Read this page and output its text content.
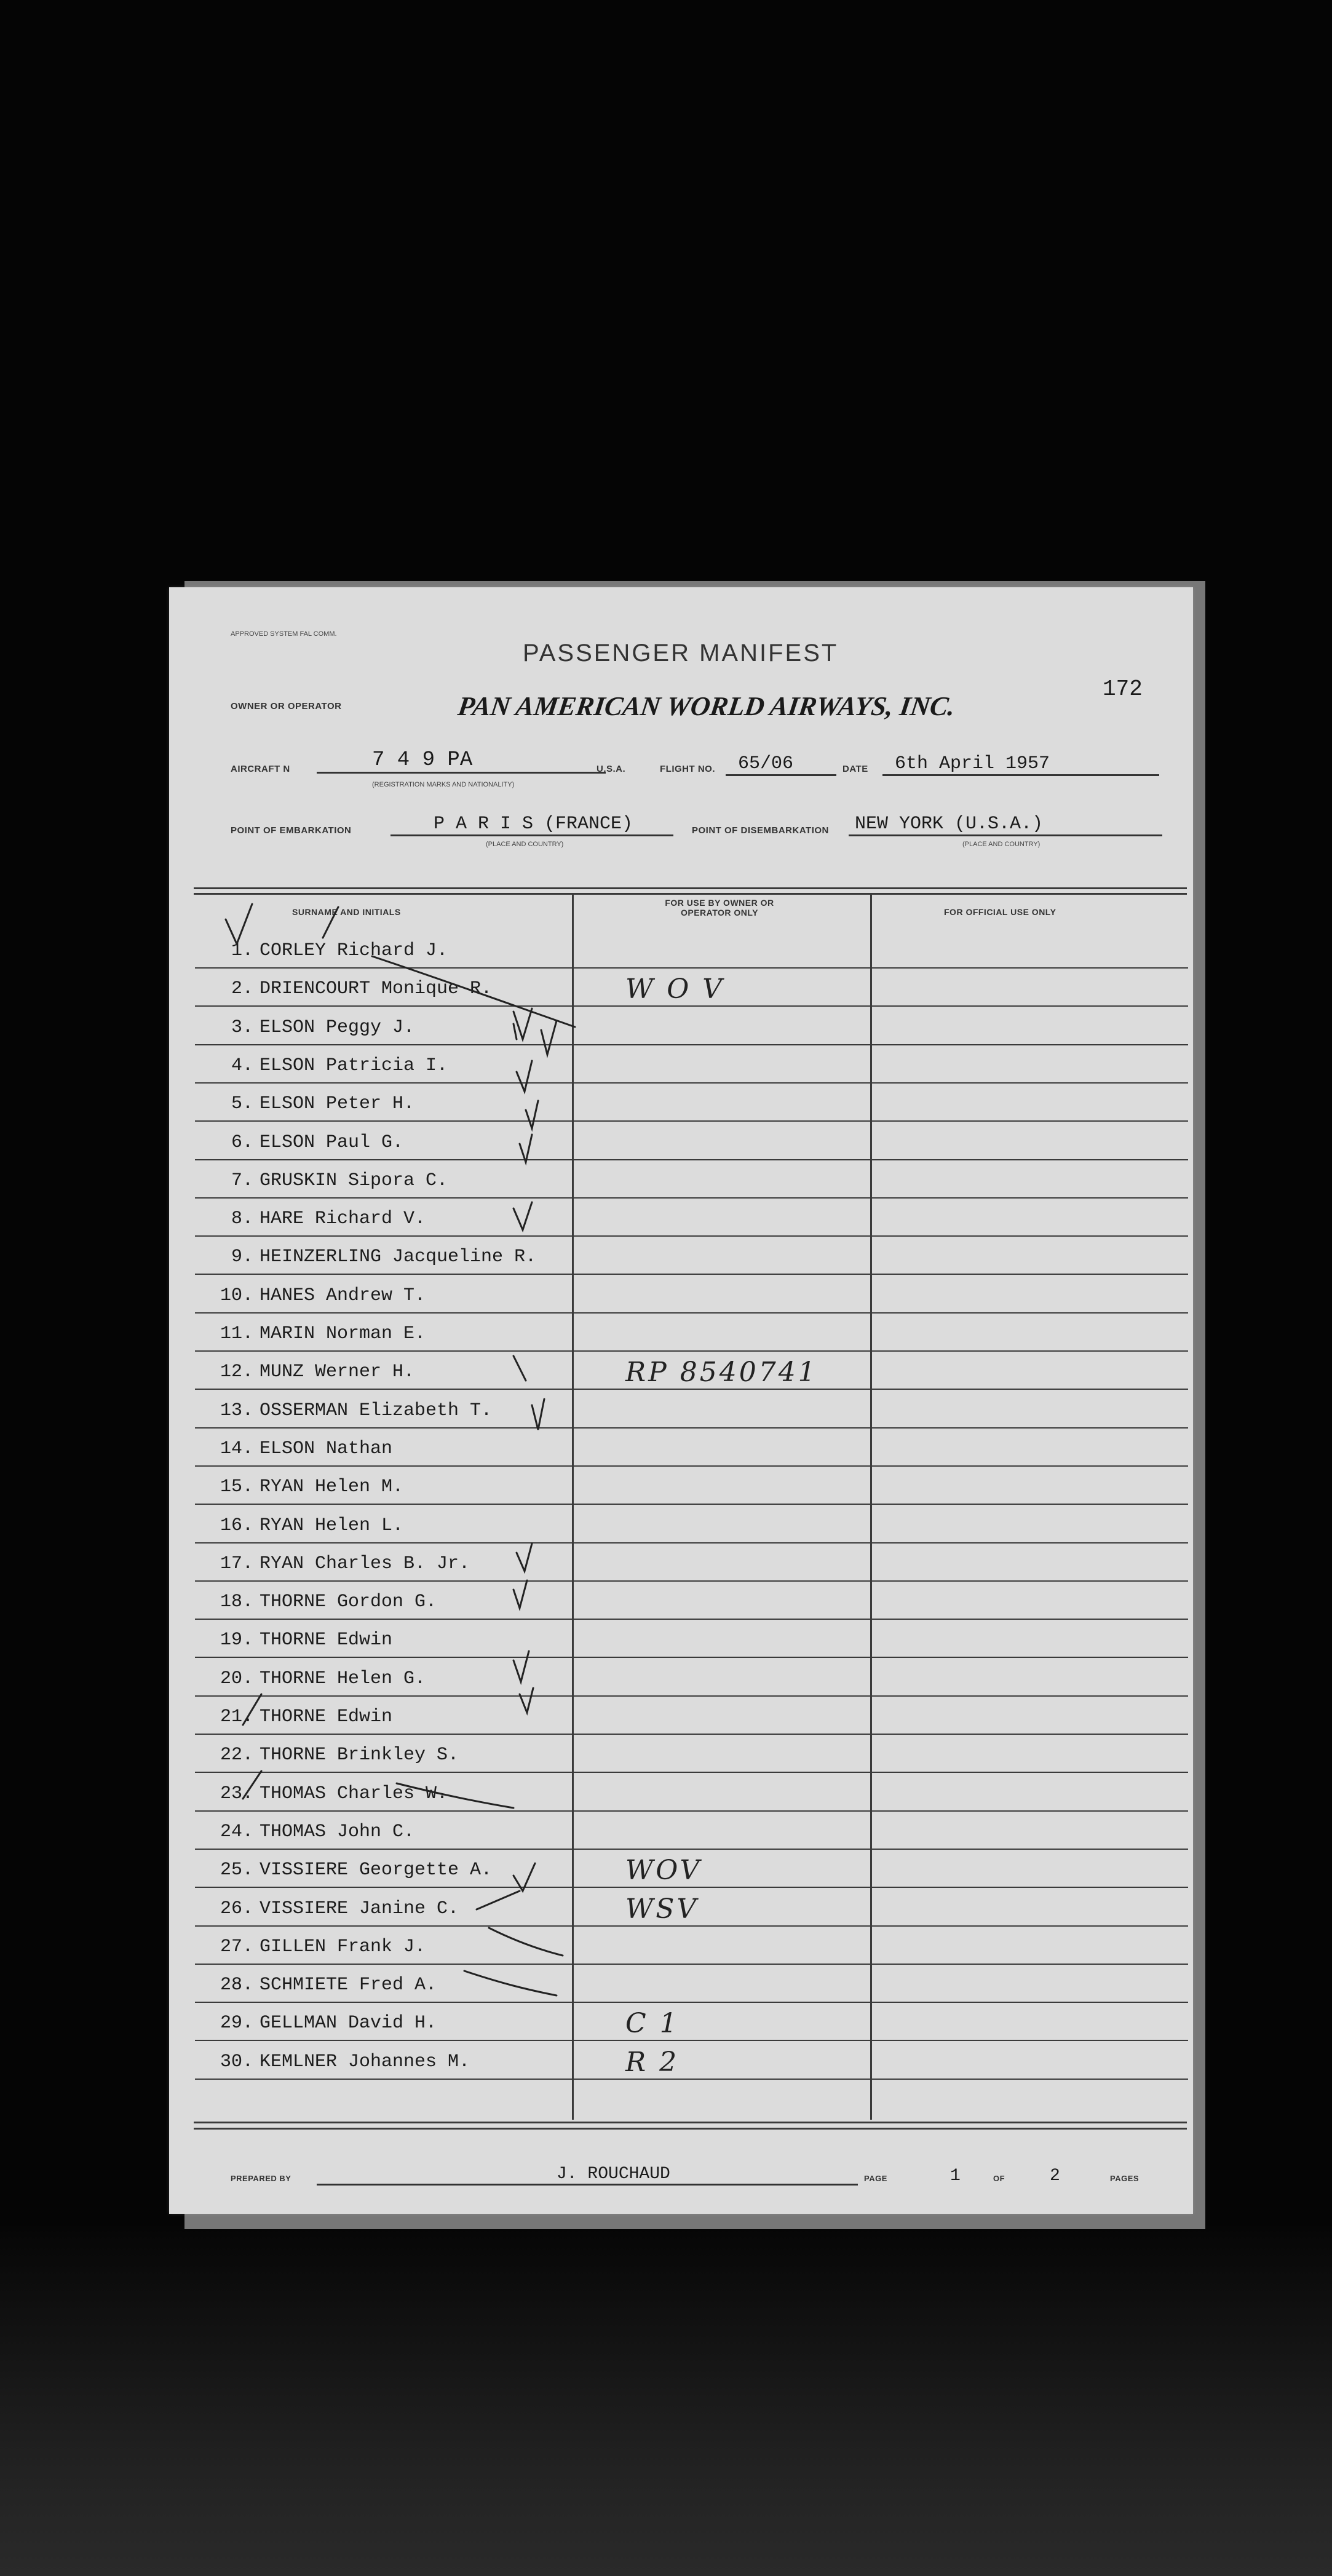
APPROVED SYSTEM FAL COMM.
PASSENGER MANIFEST
172
OWNER OR OPERATOR	PAN AMERICAN WORLD AIRWAYS, INC.
AIRCRAFT N	7 4 9 PA
(REGISTRATION MARKS AND NATIONALITY)
U.S.A.	FLIGHT NO.	65/06	DATE	6th April 1957
POINT OF EMBARKATION	P A R I S (FRANCE)
(PLACE AND COUNTRY)
POINT OF DISEMBARKATION	NEW YORK (U.S.A.)
(PLACE AND COUNTRY)
SURNAME AND INITIALS
FOR USE BY OWNER OR OPERATOR ONLY	FOR OFFICIAL USE ONLY
1. CORLEY Richard J.
2. DRIENCOURT Monique R.	W O V
3. ELSON Peggy J.
4. ELSON Patricia I.
5. ELSON Peter H.
6. ELSON Paul G.
7. GRUSKIN Sipora C.
8. HARE Richard V.
9. HEINZERLING Jacqueline R.
10. HANES Andrew T.
11. MARIN Norman E.
12. MUNZ Werner H.	RP 8540741
13. OSSERMAN Elizabeth T.
14. ELSON Nathan
15. RYAN Helen M.
16. RYAN Helen L.
17. RYAN Charles B. Jr.
18. THORNE Gordon G.
19. THORNE Edwin
20. THORNE Helen G.
21. THORNE Edwin
22. THORNE Brinkley S.
23. THOMAS Charles W.
24. THOMAS John C.
25. VISSIERE Georgette A.	WOV
26. VISSIERE Janine C.	WSV
27. GILLEN Frank J.
28. SCHMIETE Fred A.
29. GELLMAN David H.	C 1
30. KEMLNER Johannes M.	R 2
PREPARED BY	J. ROUCHAUD	PAGE	1	OF	2	PAGES
